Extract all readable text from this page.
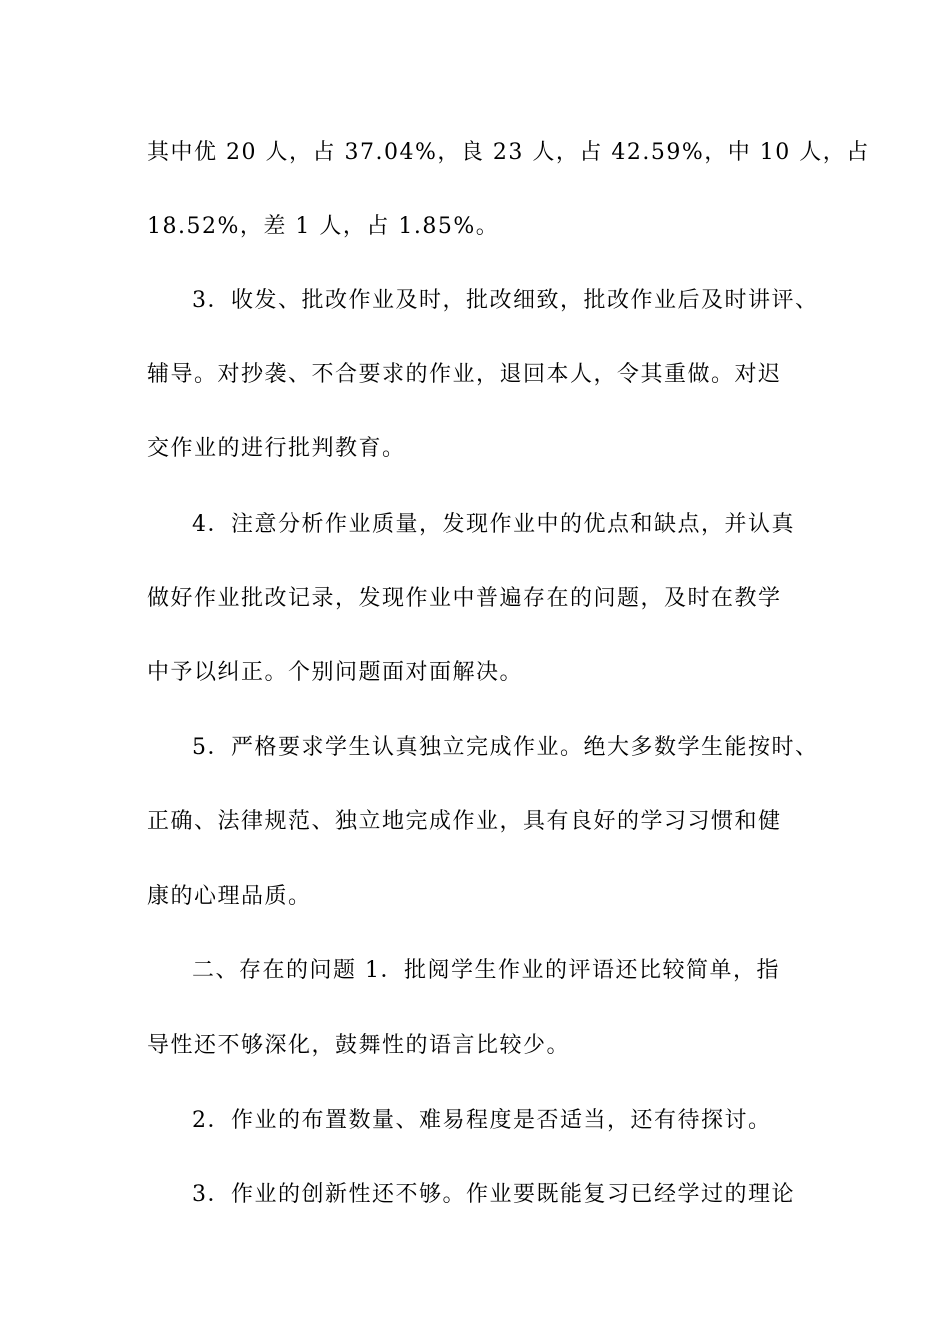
其中优 20 人，占 37.04%，良 23 人，占 42.59%，中 10 人，占

18.52%，差 1 人，占 1.85%。

3．收发、批改作业及时，批改细致，批改作业后及时讲评、

辅导。对抄袭、不合要求的作业，退回本人，令其重做。对迟

交作业的进行批判教育。

4．注意分析作业质量，发现作业中的优点和缺点，并认真

做好作业批改记录，发现作业中普遍存在的问题，及时在教学

中予以纠正。个别问题面对面解决。

5．严格要求学生认真独立完成作业。绝大多数学生能按时、

正确、法律规范、独立地完成作业，具有良好的学习习惯和健

康的心理品质。

二、存在的问题 1．批阅学生作业的评语还比较简单，指

导性还不够深化，鼓舞性的语言比较少。

2．作业的布置数量、难易程度是否适当，还有待探讨。

3．作业的创新性还不够。作业要既能复习已经学过的理论
